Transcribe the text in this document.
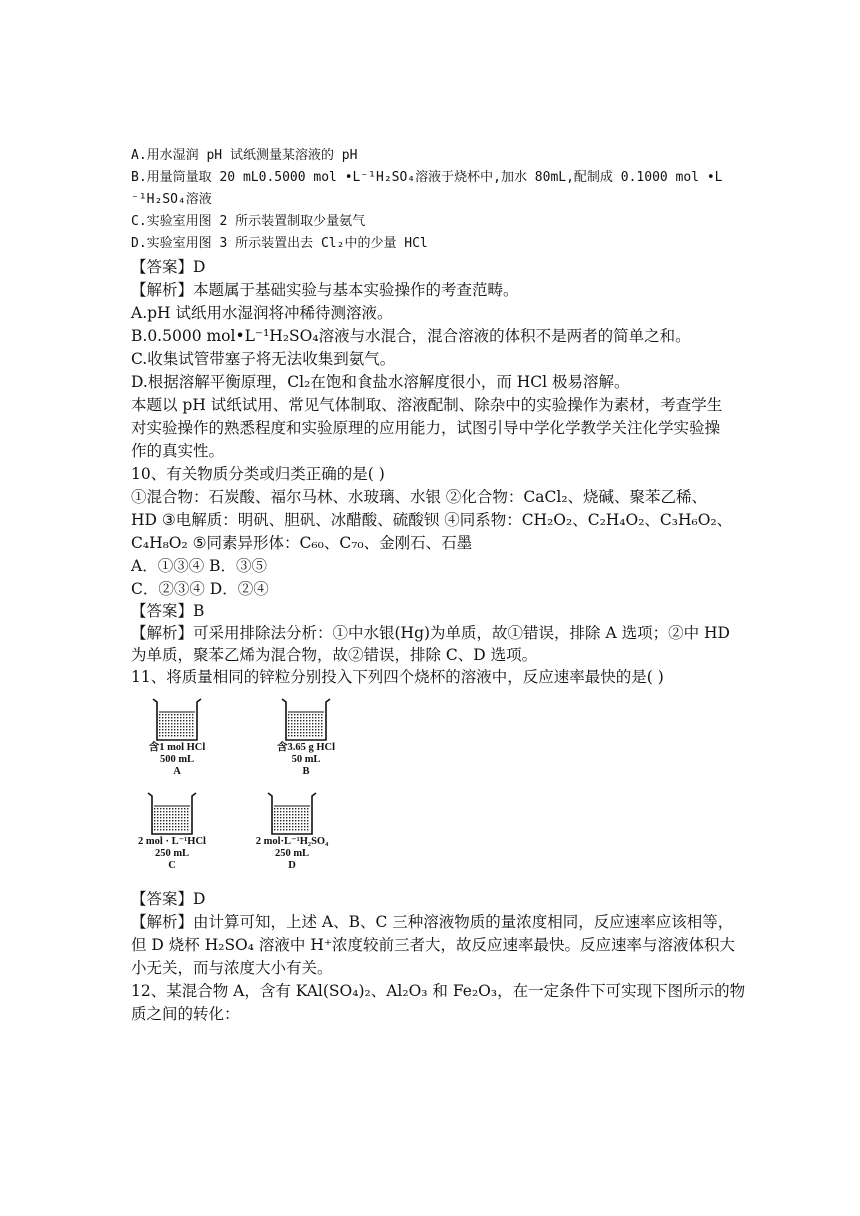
A.用水湿润 pH 试纸测量某溶液的 pH
B.用量筒量取 20 mL0.5000 mol •L⁻¹H₂SO₄溶液于烧杯中,加水 80mL,配制成 0.1000 mol •L
⁻¹H₂SO₄溶液
C.实验室用图 2 所示装置制取少量氨气
D.实验室用图 3 所示装置出去 Cl₂中的少量 HCl
【答案】D
【解析】本题属于基础实验与基本实验操作的考查范畴。
A.pH 试纸用水湿润将冲稀待测溶液。
B.0.5000 mol•L⁻¹H₂SO₄溶液与水混合，混合溶液的体积不是两者的简单之和。
C.收集试管带塞子将无法收集到氨气。
D.根据溶解平衡原理，Cl₂在饱和食盐水溶解度很小，而 HCl 极易溶解。
本题以 pH 试纸试用、常见气体制取、溶液配制、除杂中的实验操作为素材，考查学生
对实验操作的熟悉程度和实验原理的应用能力，试图引导中学化学教学关注化学实验操
作的真实性。
10、有关物质分类或归类正确的是( )
①混合物：石炭酸、福尔马林、水玻璃、水银 ②化合物：CaCl₂、烧碱、聚苯乙稀、
HD ③电解质：明矾、胆矾、冰醋酸、硫酸钡 ④同系物：CH₂O₂、C₂H₄O₂、C₃H₆O₂、
C₄H₈O₂ ⑤同素异形体：C₆₀、C₇₀、金刚石、石墨
A．①③④ B．③⑤
C．②③④ D．②④
【答案】B
【解析】可采用排除法分析：①中水银(Hg)为单质，故①错误，排除 A 选项；②中 HD
为单质，聚苯乙烯为混合物，故②错误，排除 C、D 选项。
11、将质量相同的锌粒分别投入下列四个烧杯的溶液中，反应速率最快的是( )
含1 mol HCl
500 mL
A
含3.65 g HCl
50 mL
B
2 mol · L⁻¹HCl
250 mL
C
2 mol·L⁻¹H₂SO₄
250 mL
D
【答案】D
【解析】由计算可知，上述 A、B、C 三种溶液物质的量浓度相同，反应速率应该相等，
但 D 烧杯 H₂SO₄ 溶液中 H⁺浓度较前三者大，故反应速率最快。反应速率与溶液体积大
小无关，而与浓度大小有关。
12、某混合物 A，含有 KAl(SO₄)₂、Al₂O₃ 和 Fe₂O₃，在一定条件下可实现下图所示的物
质之间的转化：
